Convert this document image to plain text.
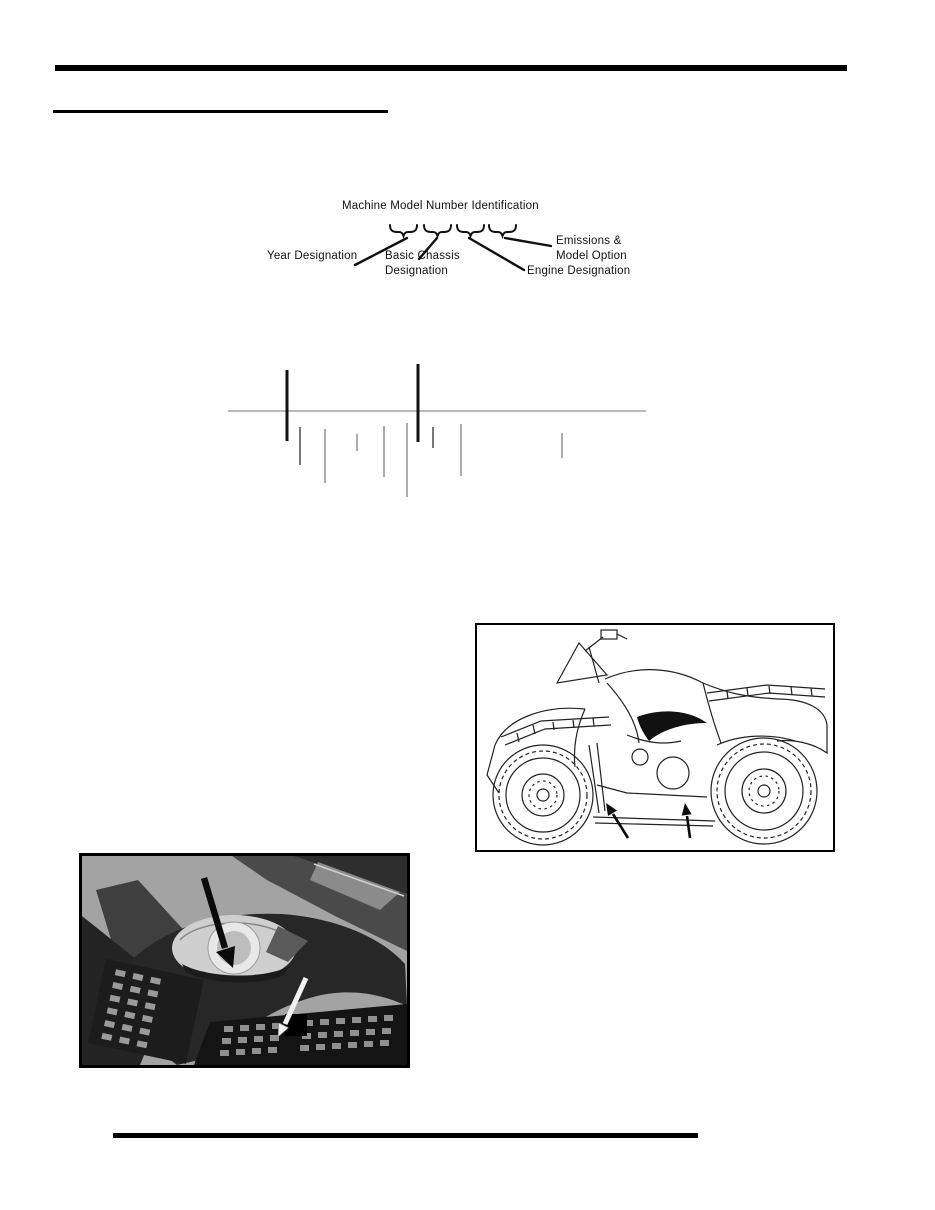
Machine Model Number Identification
Year Designation Basic Chassis
Designation
Emissions &
Model Option
Engine Designation
